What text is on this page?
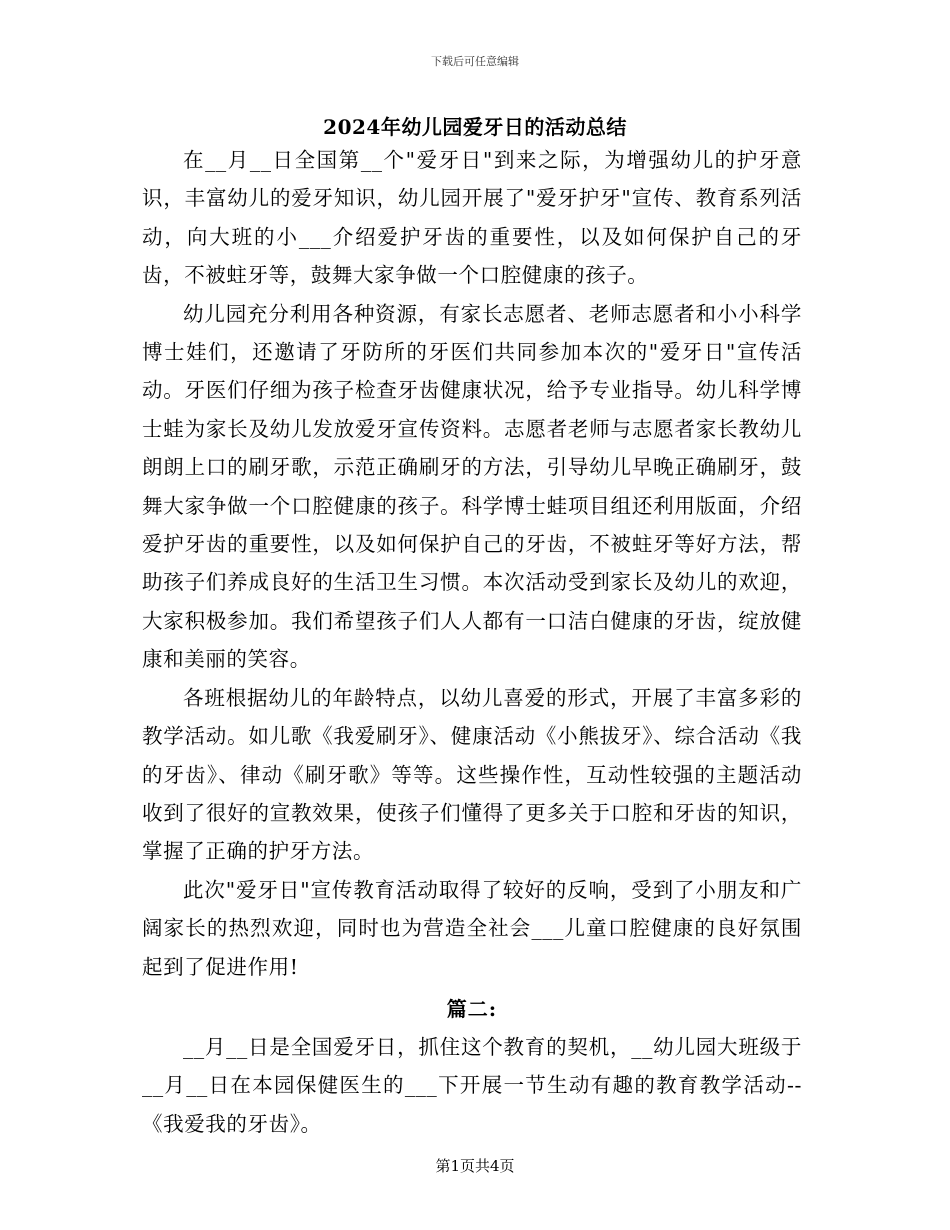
下载后可任意编辑
2024年幼儿园爱牙日的活动总结

在__月__日全国第__个"爱牙日"到来之际，为增强幼儿的护牙意识，丰富幼儿的爱牙知识，幼儿园开展了"爱牙护牙"宣传、教育系列活动，向大班的小___介绍爱护牙齿的重要性，以及如何保护自己的牙齿，不被蛀牙等，鼓舞大家争做一个口腔健康的孩子。

幼儿园充分利用各种资源，有家长志愿者、老师志愿者和小小科学博士娃们，还邀请了牙防所的牙医们共同参加本次的"爱牙日"宣传活动。牙医们仔细为孩子检查牙齿健康状况，给予专业指导。幼儿科学博士蛙为家长及幼儿发放爱牙宣传资料。志愿者老师与志愿者家长教幼儿朗朗上口的刷牙歌，示范正确刷牙的方法，引导幼儿早晚正确刷牙，鼓舞大家争做一个口腔健康的孩子。科学博士蛙项目组还利用版面，介绍爱护牙齿的重要性，以及如何保护自己的牙齿，不被蛀牙等好方法，帮助孩子们养成良好的生活卫生习惯。本次活动受到家长及幼儿的欢迎，大家积极参加。我们希望孩子们人人都有一口洁白健康的牙齿，绽放健康和美丽的笑容。

各班根据幼儿的年龄特点，以幼儿喜爱的形式，开展了丰富多彩的教学活动。如儿歌《我爱刷牙》、健康活动《小熊拔牙》、综合活动《我的牙齿》、律动《刷牙歌》等等。这些操作性，互动性较强的主题活动收到了很好的宣教效果，使孩子们懂得了更多关于口腔和牙齿的知识，掌握了正确的护牙方法。

此次"爱牙日"宣传教育活动取得了较好的反响，受到了小朋友和广阔家长的热烈欢迎，同时也为营造全社会___儿童口腔健康的良好氛围起到了促进作用!

篇二:

__月__日是全国爱牙日，抓住这个教育的契机，__幼儿园大班级于__月__日在本园保健医生的___下开展一节生动有趣的教育教学活动--《我爱我的牙齿》。

第1页共4页
